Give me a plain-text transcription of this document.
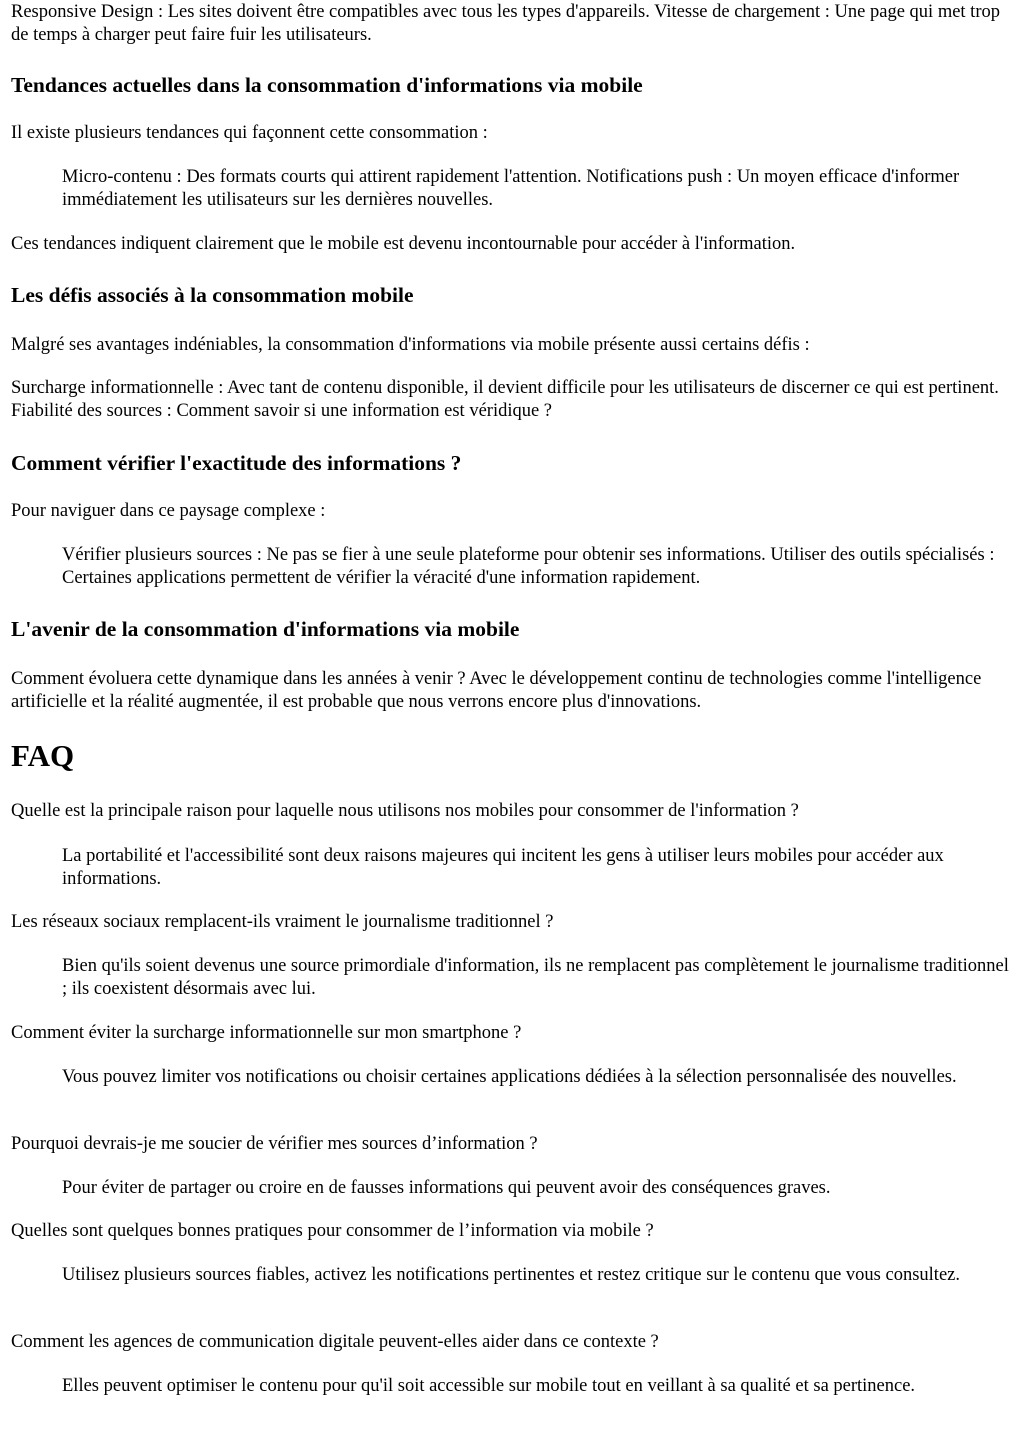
Responsive Design : Les sites doivent être compatibles avec tous les types d'appareils. Vitesse de chargement : Une page qui met trop de temps à charger peut faire fuir les utilisateurs.

Tendances actuelles dans la consommation d'informations via mobile

Il existe plusieurs tendances qui façonnent cette consommation :

Micro-contenu : Des formats courts qui attirent rapidement l'attention. Notifications push : Un moyen efficace d'informer immédiatement les utilisateurs sur les dernières nouvelles.

Ces tendances indiquent clairement que le mobile est devenu incontournable pour accéder à l'information.

Les défis associés à la consommation mobile

Malgré ses avantages indéniables, la consommation d'informations via mobile présente aussi certains défis :

Surcharge informationnelle : Avec tant de contenu disponible, il devient difficile pour les utilisateurs de discerner ce qui est pertinent. Fiabilité des sources : Comment savoir si une information est véridique ?

Comment vérifier l'exactitude des informations ?

Pour naviguer dans ce paysage complexe :

Vérifier plusieurs sources : Ne pas se fier à une seule plateforme pour obtenir ses informations. Utiliser des outils spécialisés : Certaines applications permettent de vérifier la véracité d'une information rapidement.

L'avenir de la consommation d'informations via mobile

Comment évoluera cette dynamique dans les années à venir ? Avec le développement continu de technologies comme l'intelligence artificielle et la réalité augmentée, il est probable que nous verrons encore plus d'innovations.

FAQ

Quelle est la principale raison pour laquelle nous utilisons nos mobiles pour consommer de l'information ?

La portabilité et l'accessibilité sont deux raisons majeures qui incitent les gens à utiliser leurs mobiles pour accéder aux informations.

Les réseaux sociaux remplacent-ils vraiment le journalisme traditionnel ?

Bien qu'ils soient devenus une source primordiale d'information, ils ne remplacent pas complètement le journalisme traditionnel ; ils coexistent désormais avec lui.

Comment éviter la surcharge informationnelle sur mon smartphone ?

Vous pouvez limiter vos notifications ou choisir certaines applications dédiées à la sélection personnalisée des nouvelles.

Pourquoi devrais-je me soucier de vérifier mes sources d’information ?

Pour éviter de partager ou croire en de fausses informations qui peuvent avoir des conséquences graves.

Quelles sont quelques bonnes pratiques pour consommer de l’information via mobile ?

Utilisez plusieurs sources fiables, activez les notifications pertinentes et restez critique sur le contenu que vous consultez.

Comment les agences de communication digitale peuvent-elles aider dans ce contexte ?

Elles peuvent optimiser le contenu pour qu'il soit accessible sur mobile tout en veillant à sa qualité et sa pertinence.
